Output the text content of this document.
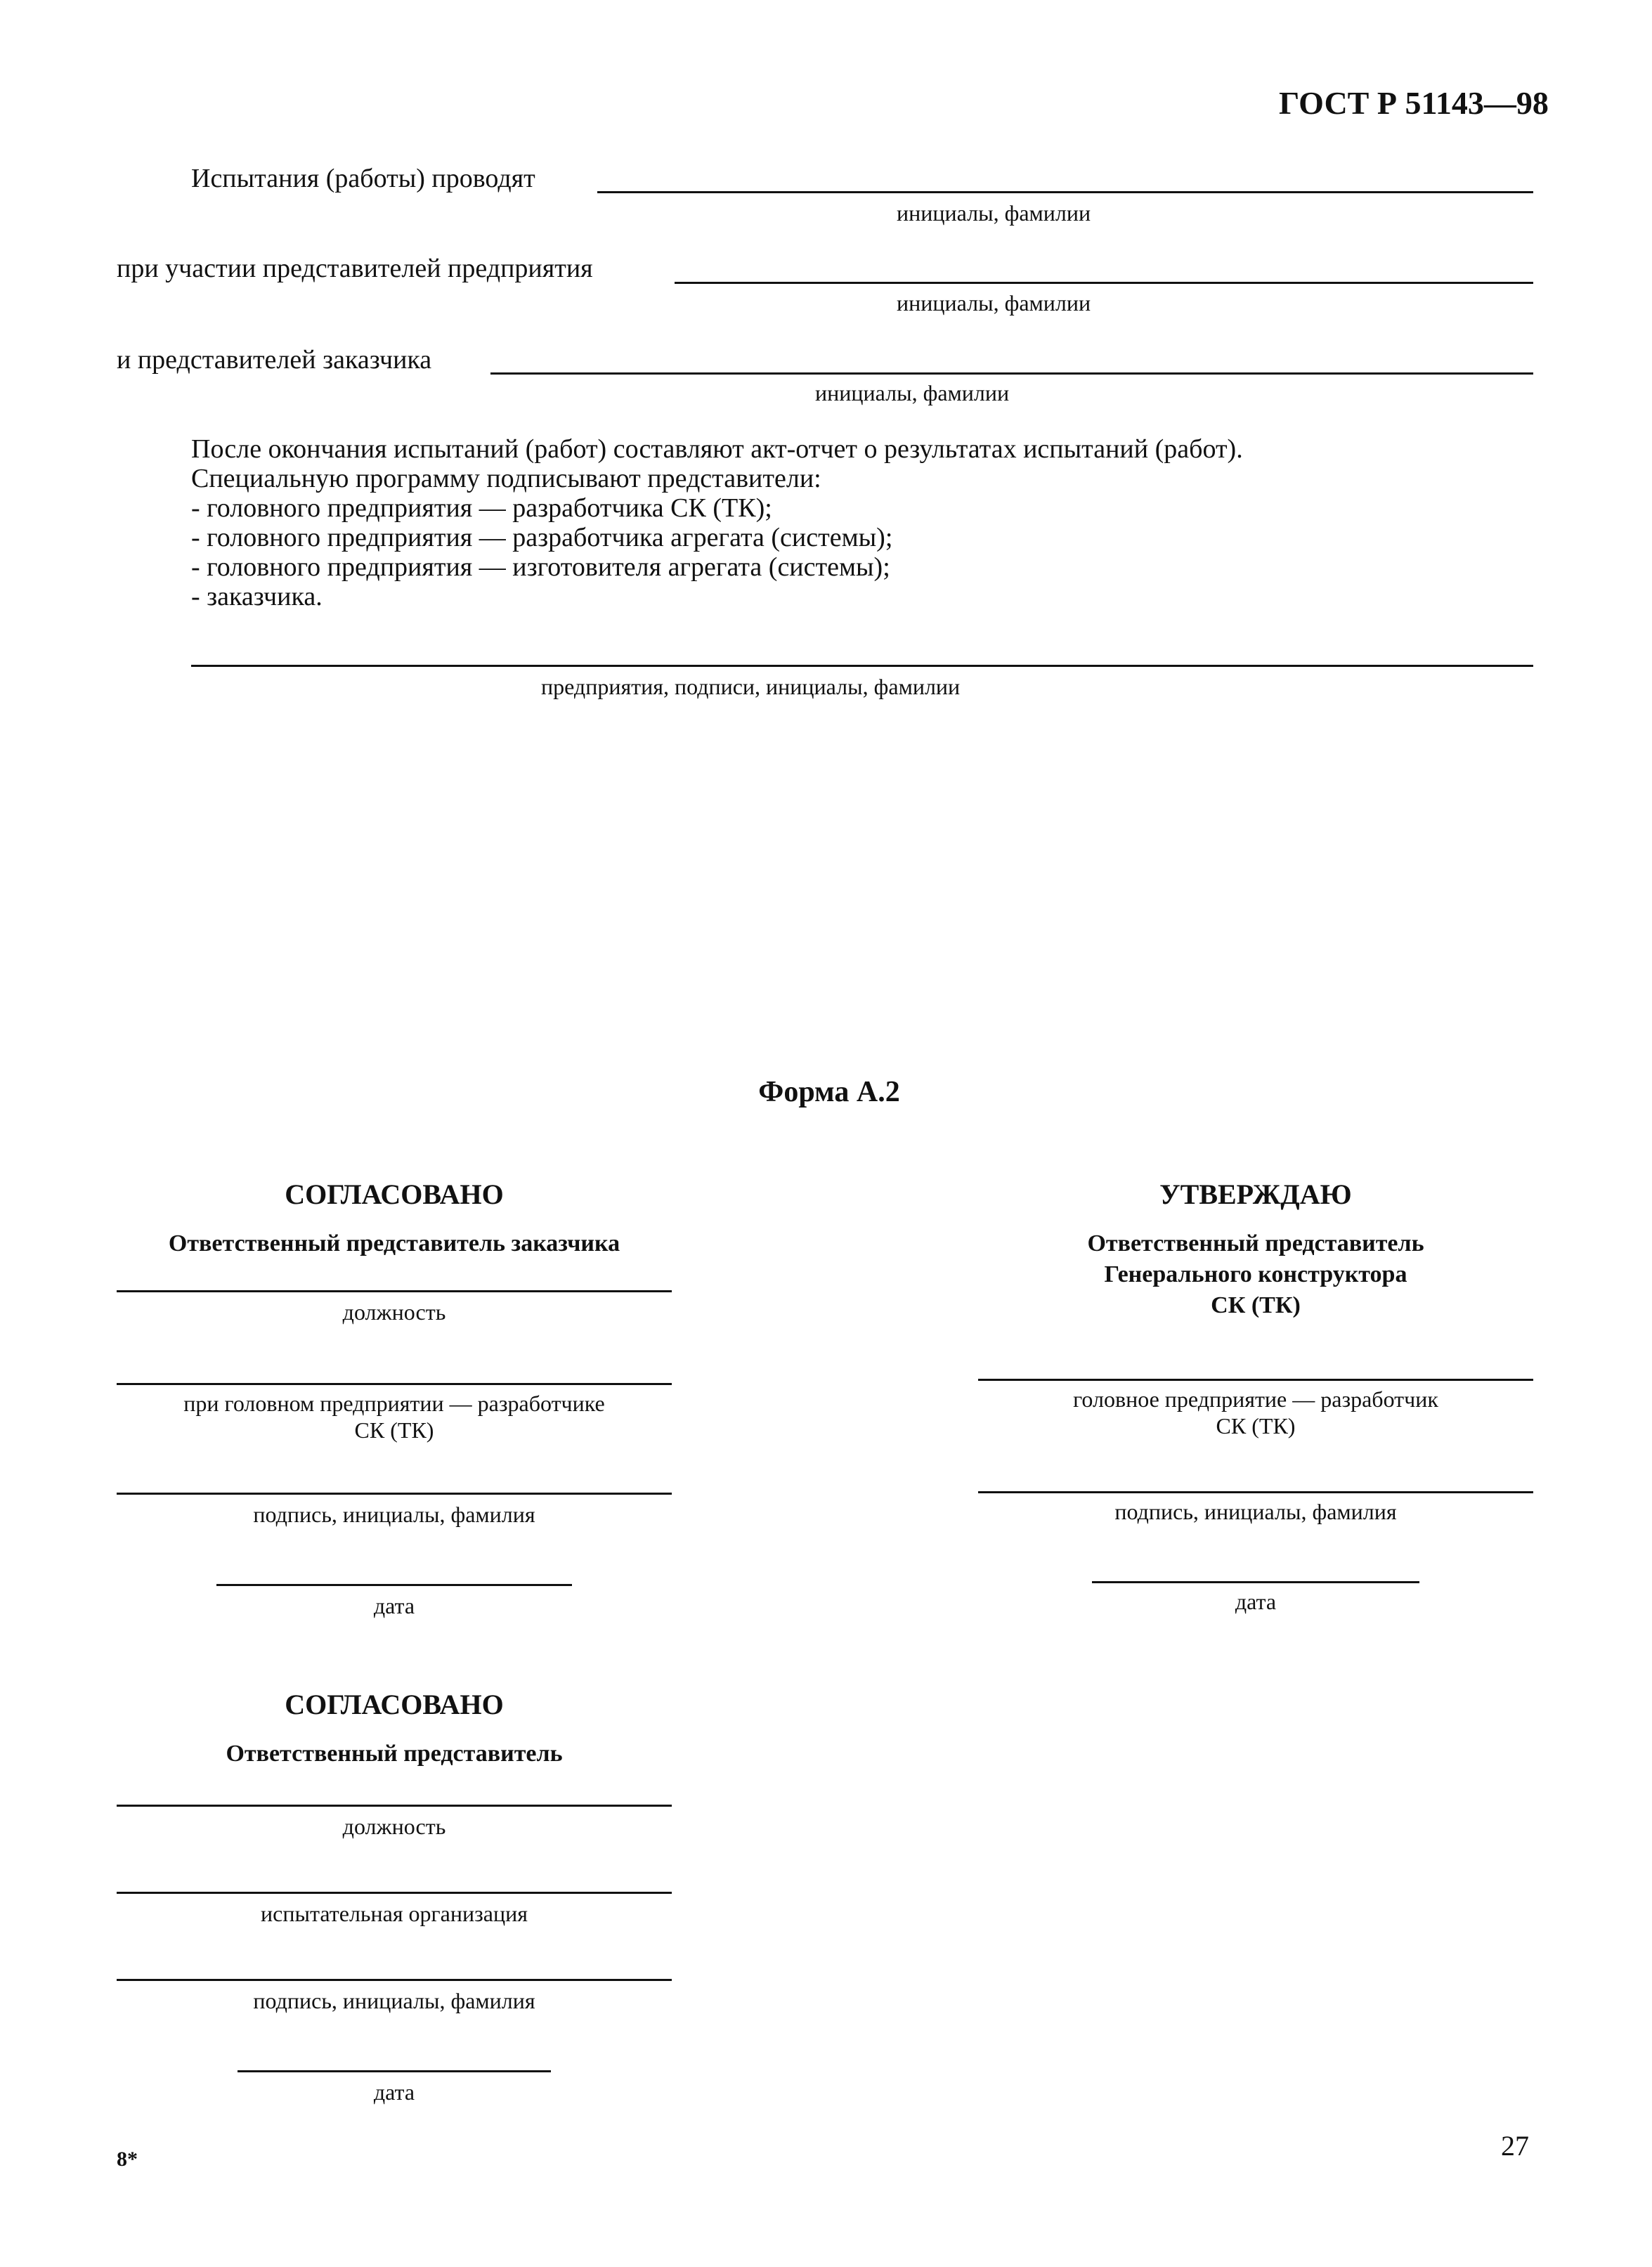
ГОСТ Р 51143—98
Испытания (работы) проводят
инициалы, фамилии
при участии представителей предприятия
инициалы, фамилии
и представителей заказчика
инициалы, фамилии
После окончания испытаний (работ) составляют акт-отчет о результатах испытаний (работ).
Специальную программу подписывают представители:
- головного предприятия — разработчика СК (ТК);
- головного предприятия — разработчика агрегата (системы);
- головного предприятия — изготовителя агрегата (системы);
- заказчика.
предприятия, подписи, инициалы, фамилии
Форма А.2
СОГЛАСОВАНО
Ответственный представитель заказчика
должность
при головном предприятии — разработчике
СК (ТК)
подпись, инициалы, фамилия
дата
УТВЕРЖДАЮ
Ответственный представитель
Генерального конструктора
СК (ТК)
головное предприятие — разработчик
СК (ТК)
подпись, инициалы, фамилия
дата
СОГЛАСОВАНО
Ответственный представитель
должность
испытательная организация
подпись, инициалы, фамилия
дата
8*	27
